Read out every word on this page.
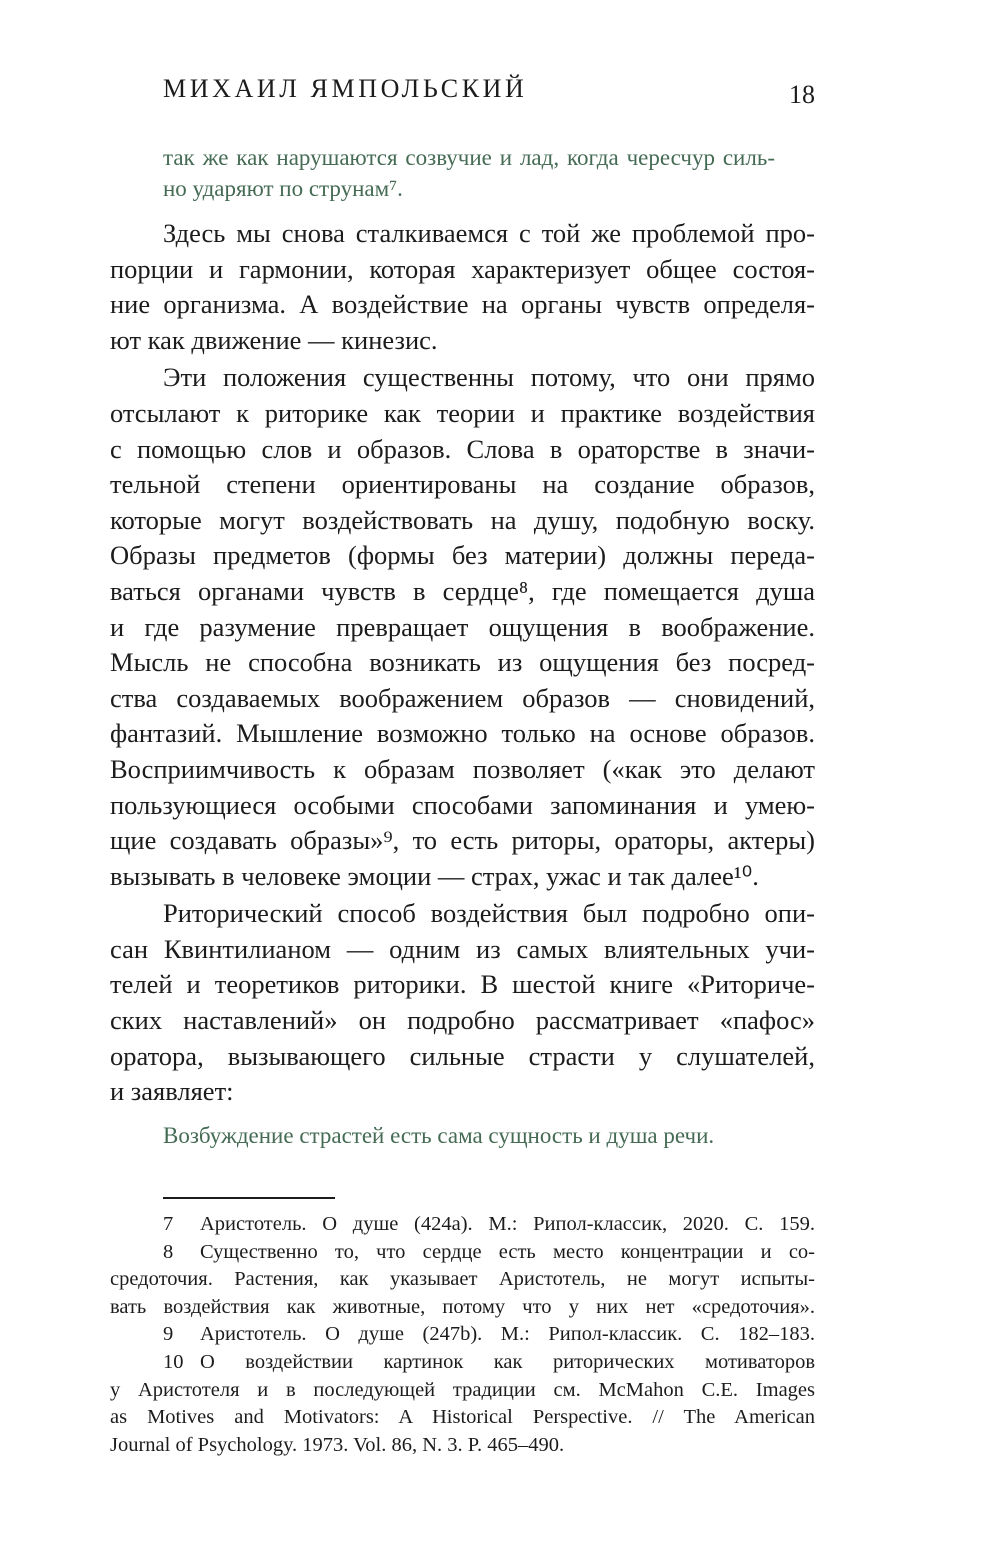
МИХАИЛ ЯМПОЛЬСКИЙ	18
так же как нарушаются созвучие и лад, когда чересчур силь-
но ударяют по струнам⁷.
Здесь мы снова сталкиваемся с той же проблемой про-
порции и гармонии, которая характеризует общее состоя-
ние организма. А воздействие на органы чувств определя-
ют как движение — кинезис.
Эти положения существенны потому, что они прямо
отсылают к риторике как теории и практике воздействия
с помощью слов и образов. Слова в ораторстве в значи-
тельной степени ориентированы на создание образов,
которые могут воздействовать на душу, подобную воску.
Образы предметов (формы без материи) должны переда-
ваться органами чувств в сердце⁸, где помещается душа
и где разумение превращает ощущения в воображение.
Мысль не способна возникать из ощущения без посред-
ства создаваемых воображением образов — сновидений,
фантазий. Мышление возможно только на основе образов.
Восприимчивость к образам позволяет («как это делают
пользующиеся особыми способами запоминания и умею-
щие создавать образы»⁹, то есть риторы, ораторы, актеры)
вызывать в человеке эмоции — страх, ужас и так далее¹⁰.
Риторический способ воздействия был подробно опи-
сан Квинтилианом — одним из самых влиятельных учи-
телей и теоретиков риторики. В шестой книге «Риториче-
ских наставлений» он подробно рассматривает «пафос»
оратора, вызывающего сильные страсти у слушателей,
и заявляет:
Возбуждение страстей есть сама сущность и душа речи.
7 Аристотель. О душе (424a). М.: Рипол-классик, 2020. С. 159.
8 Существенно то, что сердце есть место концентрации и со-
средоточия. Растения, как указывает Аристотель, не могут испыты-
вать воздействия как животные, потому что у них нет «средоточия».
9 Аристотель. О душе (247b). М.: Рипол-классик. С. 182–183.
10 О воздействии картинок как риторических мотиваторов
у Аристотеля и в последующей традиции см. McMahon C.E. Images
as Motives and Motivators: A Historical Perspective. // The American
Journal of Psychology. 1973. Vol. 86, N. 3. P. 465–490.
